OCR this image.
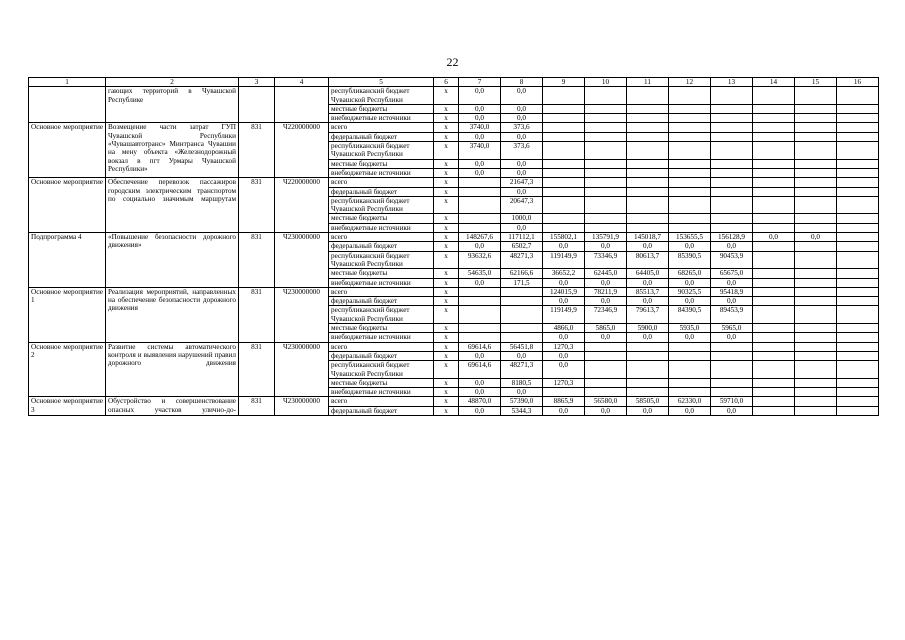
22
1	2	3	4	5	6	7	8	9	10	11	12	13	14	15	16
	гающих территорий в Чувашской Республике			республиканский бюджет Чувашской Республики	x	0,0	0,0								
				местные бюджеты	x	0,0	0,0								
				внебюджетные источники	x	0,0	0,0								
Основное мероприятие	Возмещение части затрат ГУП Чувашской Республики «Чувашавтотранс» Минтранса Чувашии на мену объекта «Железнодорожный вокзал в пгт Урмары Чувашской Республики»	831	Ч220000000	всего	x	3740,0	373,6								
				федеральный бюджет	x	0,0	0,0								
				республиканский бюджет Чувашской Республики	x	3740,0	373,6								
				местные бюджеты	x	0,0	0,0								
				внебюджетные источники	x	0,0	0,0								
Основное мероприятие	Обеспечение перевозок пассажиров городским электрическим транспортом по социально значимым маршрутам	831	Ч220000000	всего	x		21647,3								
				федеральный бюджет	x		0,0								
				республиканский бюджет Чувашской Республики	x		20647,3								
				местные бюджеты	x		1000,0								
				внебюджетные источники	x		0,0								
Подпрограмма 4	«Повышение безопасности дорожного движения»	831	Ч230000000	всего	x	148267,6	117112,1	155802,1	135791,9	145018,7	153655,5	156128,9	0,0	0,0	
				федеральный бюджет	x	0,0	6502,7	0,0	0,0	0,0	0,0	0,0			
				республиканский бюджет Чувашской Республики	x	93632,6	48271,3	119149,9	73346,9	80613,7	85390,5	90453,9			
				местные бюджеты	x	54635,0	62166,6	36652,2	62445,0	64405,0	68265,0	65675,0			
				внебюджетные источники	x	0,0	171,5	0,0	0,0	0,0	0,0	0,0			
Основное мероприятие 1	Реализация мероприятий, направленных на обеспечение безопасности дорожного движения	831	Ч230000000	всего	x			124015,9	78211,9	85513,7	90325,5	95418,9			
				федеральный бюджет	x			0,0	0,0	0,0	0,0	0,0			
				республиканский бюджет Чувашской Республики	x			119149,9	72346,9	79613,7	84390,5	89453,9			
				местные бюджеты	x			4866,0	5865,0	5900,0	5935,0	5965,0			
				внебюджетные источники	x			0,0	0,0	0,0	0,0	0,0			
Основное мероприятие 2	Развитие системы автоматического контроля и выявления нарушений правил дорожного движения	831	Ч230000000	всего	x	69614,6	56451,8	1270,3							
				федеральный бюджет	x	0,0	0,0	0,0							
				республиканский бюджет Чувашской Республики	x	69614,6	48271,3	0,0							
				местные бюджеты	x	0,0	8180,5	1270,3							
				внебюджетные источники	x	0,0	0,0								
Основное мероприятие 3	Обустройство и совершенствование опасных участков улично-до-	831	Ч230000000	всего	x	48870,0	57390,0	8865,9	56580,0	58505,0	62330,0	59710,0			
				федеральный бюджет	x	0,0	5344,3	0,0	0,0	0,0	0,0	0,0			
